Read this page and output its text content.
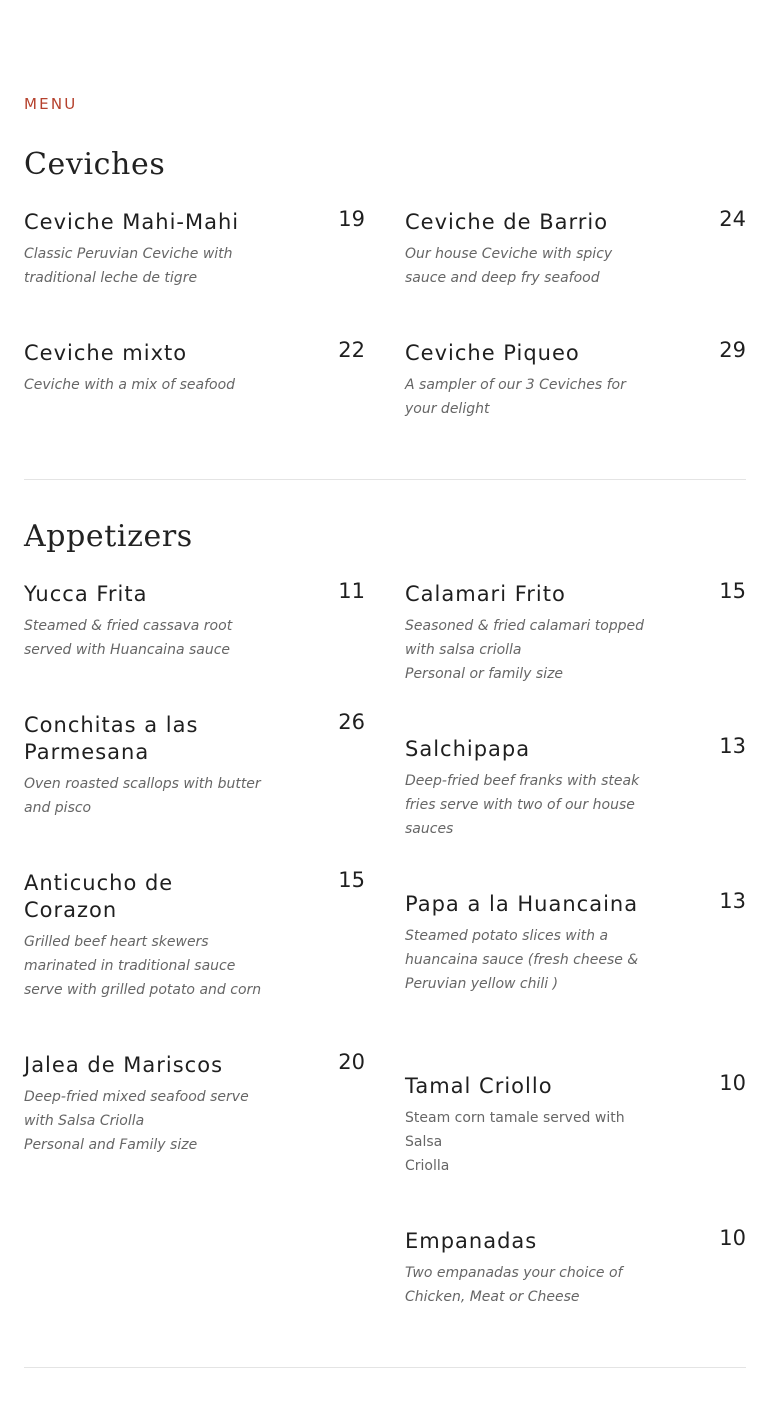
MENU
Ceviches
Ceviche Mahi-Mahi	19
Classic Peruvian Ceviche with
traditional leche de tigre
Ceviche de Barrio	24
Our house Ceviche with spicy
sauce and deep fry seafood
Ceviche mixto	22
Ceviche with a mix of seafood
Ceviche Piqueo	29
A sampler of our 3 Ceviches for
your delight
Appetizers
Yucca Frita	11
Steamed & fried cassava root
served with Huancaina sauce
Calamari Frito	15
Seasoned & fried calamari topped
with salsa criolla
Personal or family size
Conchitas a las Parmesana
26
Oven roasted scallops with butter
and pisco
Salchipapa	13
Deep-fried beef franks with steak
fries serve with two of our house
sauces
Anticucho de Corazon
15
Grilled beef heart skewers
marinated in traditional sauce
serve with grilled potato and corn
Papa a la Huancaina	13
Steamed potato slices with a
huancaina sauce (fresh cheese &
Peruvian yellow chili )
Jalea de Mariscos	20
Deep-fried mixed seafood serve
with Salsa Criolla
Personal and Family size
Tamal Criollo	10
Steam corn tamale served with
Salsa
Criolla
Empanadas	10
Two empanadas your choice of
Chicken, Meat or Cheese
